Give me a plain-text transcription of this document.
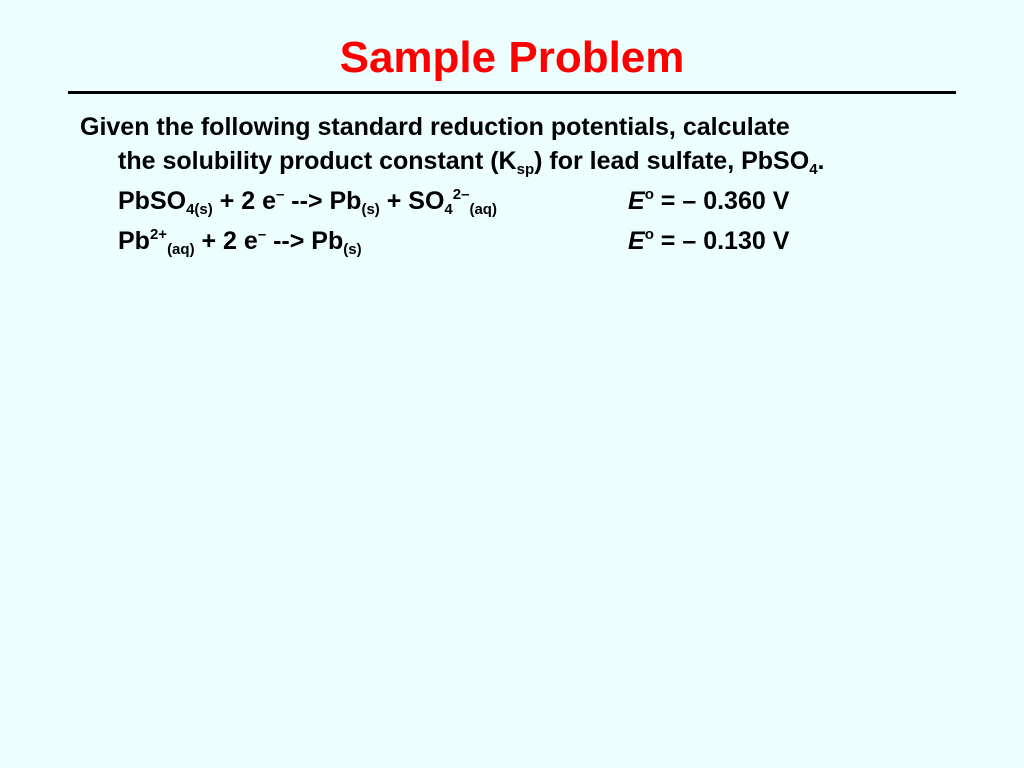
Sample Problem
Given the following standard reduction potentials, calculate
the solubility product constant $(K_{sp})$ for lead sulfate, PbSO$_4$.
PbSO$_{4(s)}$ + 2 e– --> $Pb_{(s)} + SO_4^{2-}_{(aq)}$	$E^o$ = – 0.360 V
$Pb^{2+}_{(aq)} + 2$ e– --> $Pb_{(s)}$	$E^o$ = – 0.130 V
